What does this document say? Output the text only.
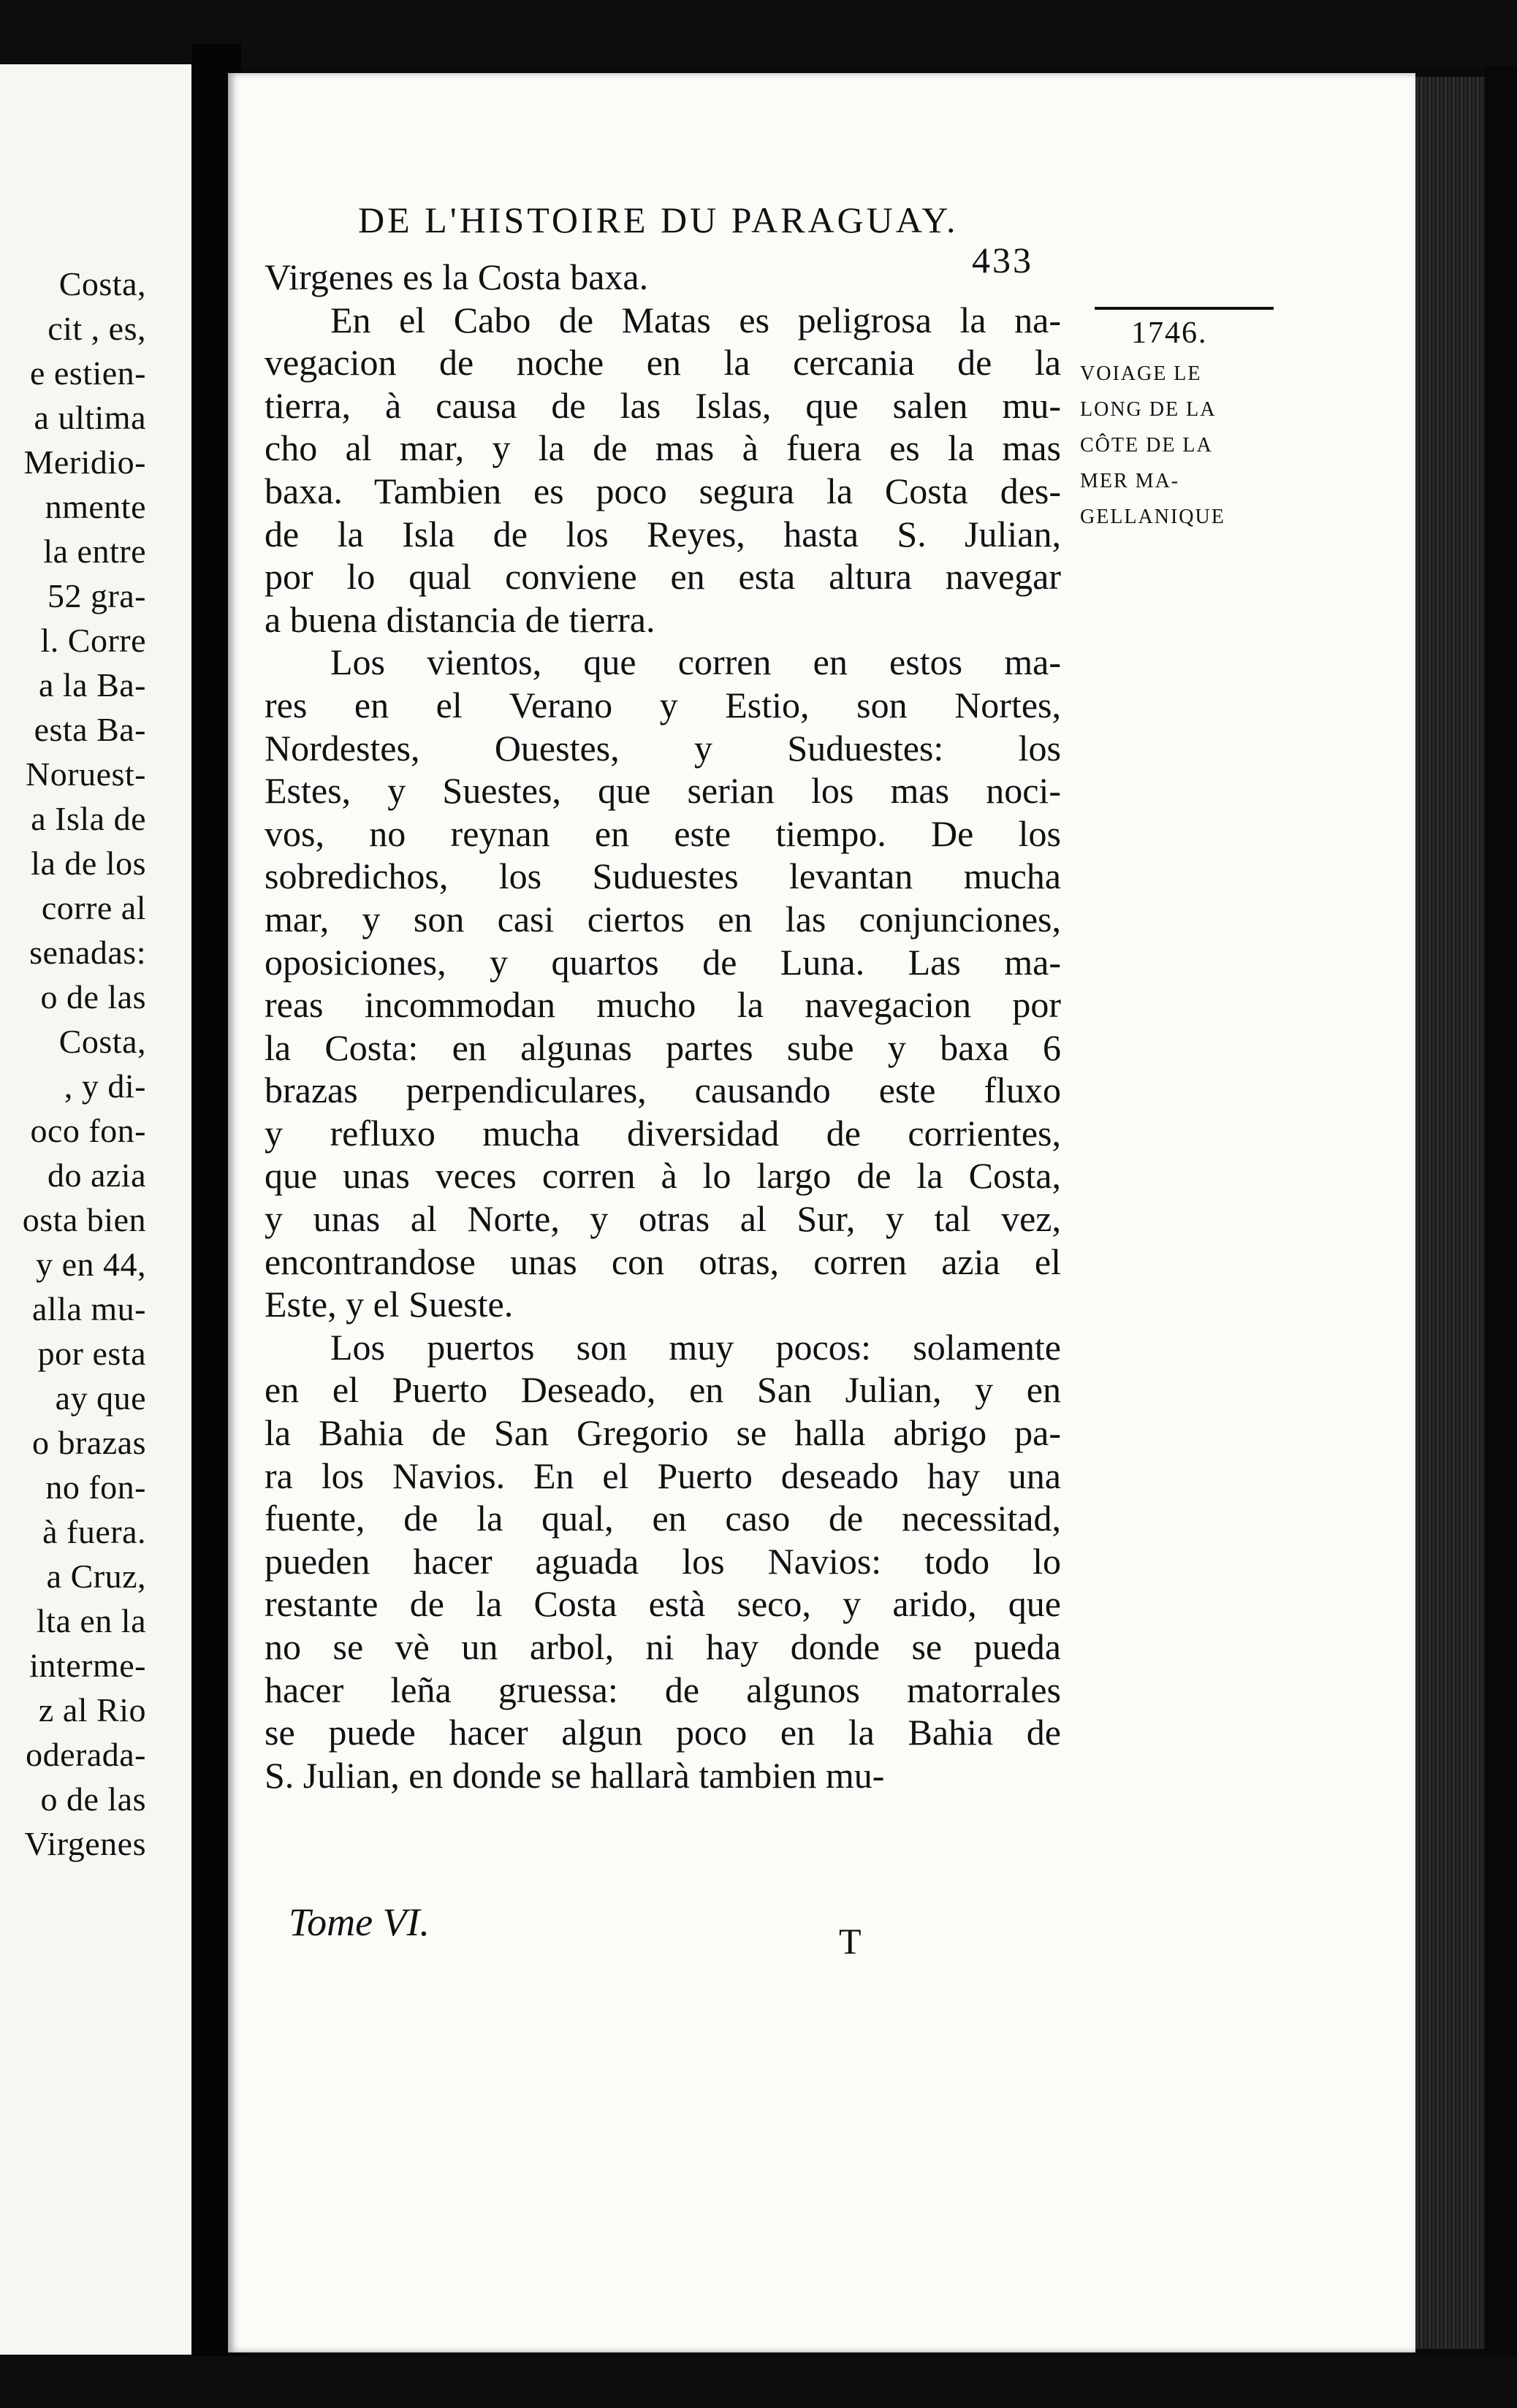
Costa,
cit , es,
e estien-
a ultima
Meridio-
nmente
la entre
52 gra-
l. Corre
a la Ba-
esta Ba-
Noruest-
a Isla de
la de los
corre al
senadas:
o de las
Costa,
, y di-
oco fon-
do azia
osta bien
y en 44,
alla mu-
por esta
ay que
o brazas
no fon-
à fuera.
a Cruz,
lta en la
interme-
z al Rio
oderada-
o de las
Virgenes
DE L'HISTOIRE DU PARAGUAY.
433
Virgenes es la Costa baxa.
En el Cabo de Matas es peligrosa la na-
vegacion de noche en la cercania de la
tierra, à causa de las Islas, que salen mu-
cho al mar, y la de mas à fuera es la mas
baxa. Tambien es poco segura la Costa des-
de la Isla de los Reyes, hasta S. Julian,
por lo qual conviene en esta altura navegar
a buena distancia de tierra.
Los vientos, que corren en estos ma-
res en el Verano y Estio, son Nortes,
Nordestes, Ouestes, y Suduestes: los
Estes, y Suestes, que serian los mas noci-
vos, no reynan en este tiempo. De los
sobredichos, los Suduestes levantan mucha
mar, y son casi ciertos en las conjunciones,
oposiciones, y quartos de Luna. Las ma-
reas incommodan mucho la navegacion por
la Costa: en algunas partes sube y baxa 6
brazas perpendiculares, causando este fluxo
y refluxo mucha diversidad de corrientes,
que unas veces corren à lo largo de la Costa,
y unas al Norte, y otras al Sur, y tal vez,
encontrandose unas con otras, corren azia el
Este, y el Sueste.
Los puertos son muy pocos: solamente
en el Puerto Deseado, en San Julian, y en
la Bahia de San Gregorio se halla abrigo pa-
ra los Navios. En el Puerto deseado hay una
fuente, de la qual, en caso de necessitad,
pueden hacer aguada los Navios: todo lo
restante de la Costa està seco, y arido, que
no se vè un arbol, ni hay donde se pueda
hacer leña gruessa: de algunos matorrales
se puede hacer algun poco en la Bahia de
S. Julian, en donde se hallarà tambien mu-
1746.
VOIAGE LE
LONG DE LA
CÔTE DE LA
MER MA-
GELLANIQUE
Tome VI.	T
